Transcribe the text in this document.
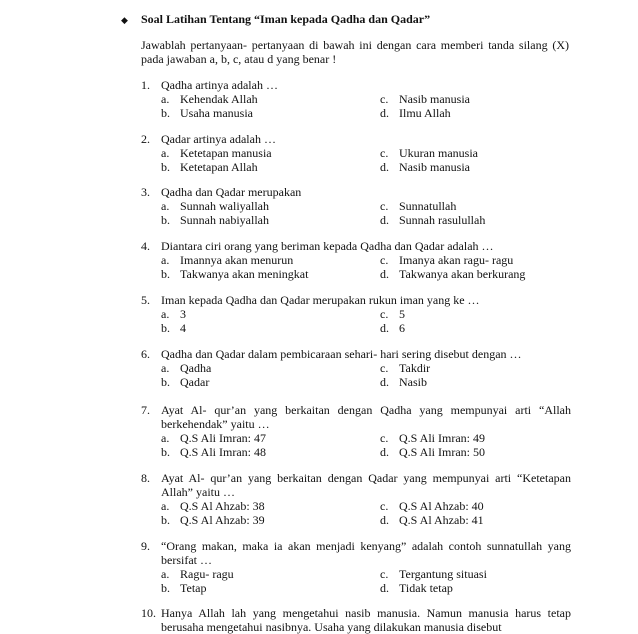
◆ Soal Latihan Tentang “Iman kepada Qadha dan Qadar”
Jawablah pertanyaan- pertanyaan di bawah ini dengan cara memberi tanda silang (X) pada jawaban a, b, c, atau d yang benar !
1. Qadha artinya adalah …
a. Kehendak Allah	c. Nasib manusia
b. Usaha manusia	d. Ilmu Allah
2. Qadar artinya adalah …
a. Ketetapan manusia	c. Ukuran manusia
b. Ketetapan Allah	d. Nasib manusia
3. Qadha dan Qadar merupakan
a. Sunnah waliyallah	c. Sunnatullah
b. Sunnah nabiyallah	d. Sunnah rasulullah
4. Diantara ciri orang yang beriman kepada Qadha dan Qadar adalah …
a. Imannya akan menurun	c. Imanya akan ragu- ragu
b. Takwanya akan meningkat	d. Takwanya akan berkurang
5. Iman kepada Qadha dan Qadar merupakan rukun iman yang ke …
a. 3	c. 5
b. 4	d. 6
6. Qadha dan Qadar dalam pembicaraan sehari- hari sering disebut dengan …
a. Qadha	c. Takdir
b. Qadar	d. Nasib
7. Ayat Al- qur’an yang berkaitan dengan Qadha yang mempunyai arti “Allah berkehendak” yaitu …
a. Q.S Ali Imran: 47	c. Q.S Ali Imran: 49
b. Q.S Ali Imran: 48	d. Q.S Ali Imran: 50
8. Ayat Al- qur’an yang berkaitan dengan Qadar yang mempunyai arti “Ketetapan Allah” yaitu …
a. Q.S Al Ahzab: 38	c. Q.S Al Ahzab: 40
b. Q.S Al Ahzab: 39	d. Q.S Al Ahzab: 41
9. “Orang makan, maka ia akan menjadi kenyang” adalah contoh sunnatullah yang bersifat …
a. Ragu- ragu	c. Tergantung situasi
b. Tetap	d. Tidak tetap
10. Hanya Allah lah yang mengetahui nasib manusia. Namun manusia harus tetap berusaha mengetahui nasibnya. Usaha yang dilakukan manusia disebut
